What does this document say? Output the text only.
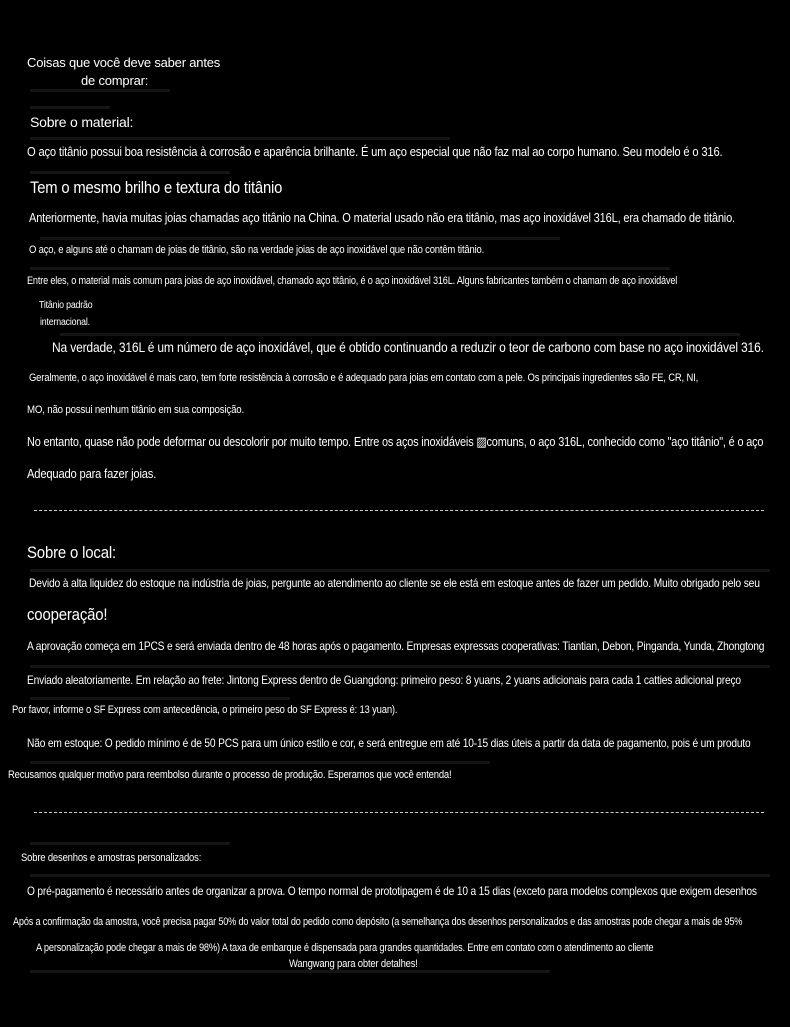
Coisas que você deve saber antes
de comprar:
Sobre o material:
O aço titânio possui boa resistência à corrosão e aparência brilhante. É um aço especial que não faz mal ao corpo humano. Seu modelo é o 316.
Tem o mesmo brilho e textura do titânio
Anteriormente, havia muitas joias chamadas aço titânio na China. O material usado não era titânio, mas aço inoxidável 316L, era chamado de titânio.
O aço, e alguns até o chamam de joias de titânio, são na verdade joias de aço inoxidável que não contêm titânio.
Entre eles, o material mais comum para joias de aço inoxidável, chamado aço titânio, é o aço inoxidável 316L. Alguns fabricantes também o chamam de aço inoxidável
Titânio padrão
internacional.
Na verdade, 316L é um número de aço inoxidável, que é obtido continuando a reduzir o teor de carbono com base no aço inoxidável 316.
Geralmente, o aço inoxidável é mais caro, tem forte resistência à corrosão e é adequado para joias em contato com a pele. Os principais ingredientes são FE, CR, NI,
MO, não possui nenhum titânio em sua composição.
No entanto, quase não pode deformar ou descolorir por muito tempo. Entre os aços inoxidáveis ▨comuns, o aço 316L, conhecido como "aço titânio", é o aço
Adequado para fazer joias.
Sobre o local:
Devido à alta liquidez do estoque na indústria de joias, pergunte ao atendimento ao cliente se ele está em estoque antes de fazer um pedido. Muito obrigado pelo seu
cooperação!
A aprovação começa em 1PCS e será enviada dentro de 48 horas após o pagamento. Empresas expressas cooperativas: Tiantian, Debon, Pinganda, Yunda, Zhongtong
Enviado aleatoriamente. Em relação ao frete: Jintong Express dentro de Guangdong: primeiro peso: 8 yuans, 2 yuans adicionais para cada 1 catties adicional preço
Por favor, informe o SF Express com antecedência, o primeiro peso do SF Express é: 13 yuan).
Não em estoque: O pedido mínimo é de 50 PCS para um único estilo e cor, e será entregue em até 10-15 dias úteis a partir da data de pagamento, pois é um produto
Recusamos qualquer motivo para reembolso durante o processo de produção. Esperamos que você entenda!
Sobre desenhos e amostras personalizados:
O pré-pagamento é necessário antes de organizar a prova. O tempo normal de prototipagem é de 10 a 15 dias (exceto para modelos complexos que exigem desenhos
Após a confirmação da amostra, você precisa pagar 50% do valor total do pedido como depósito (a semelhança dos desenhos personalizados e das amostras pode chegar a mais de 95%
A personalização pode chegar a mais de 98%) A taxa de embarque é dispensada para grandes quantidades. Entre em contato com o atendimento ao cliente
Wangwang para obter detalhes!
